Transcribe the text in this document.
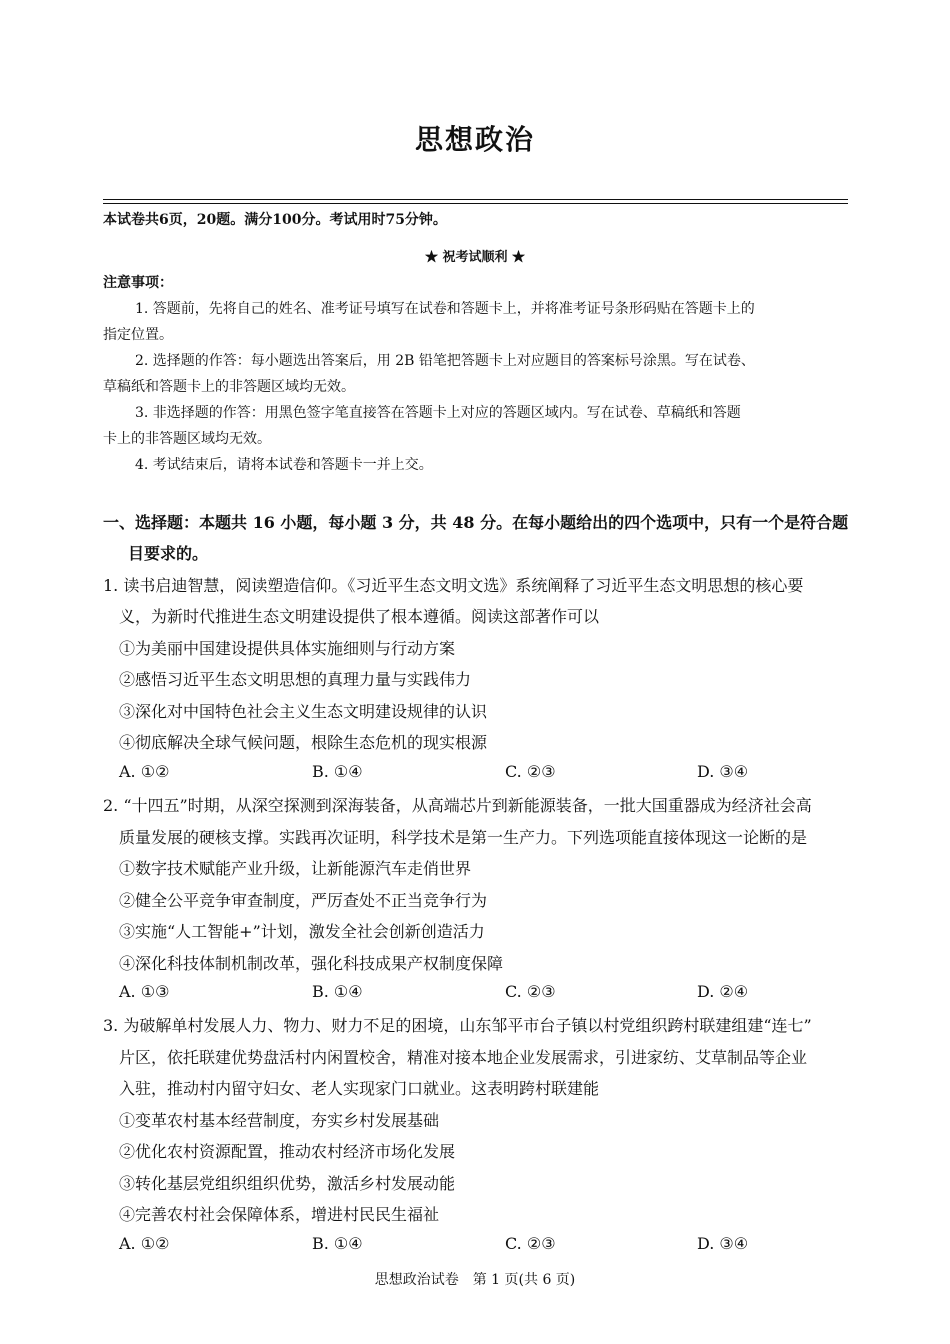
思想政治
本试卷共6页，20题。满分100分。考试用时75分钟。
★ 祝考试顺利 ★
注意事项：
1. 答题前，先将自己的姓名、准考证号填写在试卷和答题卡上，并将准考证号条形码贴在答题卡上的
指定位置。
2. 选择题的作答：每小题选出答案后，用 2B 铅笔把答题卡上对应题目的答案标号涂黑。写在试卷、
草稿纸和答题卡上的非答题区域均无效。
3. 非选择题的作答：用黑色签字笔直接答在答题卡上对应的答题区域内。写在试卷、草稿纸和答题
卡上的非答题区域均无效。
4. 考试结束后，请将本试卷和答题卡一并上交。
一、选择题：本题共 16 小题，每小题 3 分，共 48 分。在每小题给出的四个选项中，只有一个是符合题
目要求的。
1. 读书启迪智慧，阅读塑造信仰。《习近平生态文明文选》系统阐释了习近平生态文明思想的核心要
义，为新时代推进生态文明建设提供了根本遵循。阅读这部著作可以
①为美丽中国建设提供具体实施细则与行动方案
②感悟习近平生态文明思想的真理力量与实践伟力
③深化对中国特色社会主义生态文明建设规律的认识
④彻底解决全球气候问题，根除生态危机的现实根源
A. ①②	B. ①④	C. ②③	D. ③④
2. “十四五”时期，从深空探测到深海装备，从高端芯片到新能源装备，一批大国重器成为经济社会高
质量发展的硬核支撑。实践再次证明，科学技术是第一生产力。下列选项能直接体现这一论断的是
①数字技术赋能产业升级，让新能源汽车走俏世界
②健全公平竞争审查制度，严厉查处不正当竞争行为
③实施“人工智能+”计划，激发全社会创新创造活力
④深化科技体制机制改革，强化科技成果产权制度保障
A. ①③	B. ①④	C. ②③	D. ②④
3. 为破解单村发展人力、物力、财力不足的困境，山东邹平市台子镇以村党组织跨村联建组建“连七”
片区，依托联建优势盘活村内闲置校舍，精准对接本地企业发展需求，引进家纺、艾草制品等企业
入驻，推动村内留守妇女、老人实现家门口就业。这表明跨村联建能
①变革农村基本经营制度，夯实乡村发展基础
②优化农村资源配置，推动农村经济市场化发展
③转化基层党组织组织优势，激活乡村发展动能
④完善农村社会保障体系，增进村民民生福祉
A. ①②	B. ①④	C. ②③	D. ③④
思想政治试卷　第 1 页(共 6 页)
